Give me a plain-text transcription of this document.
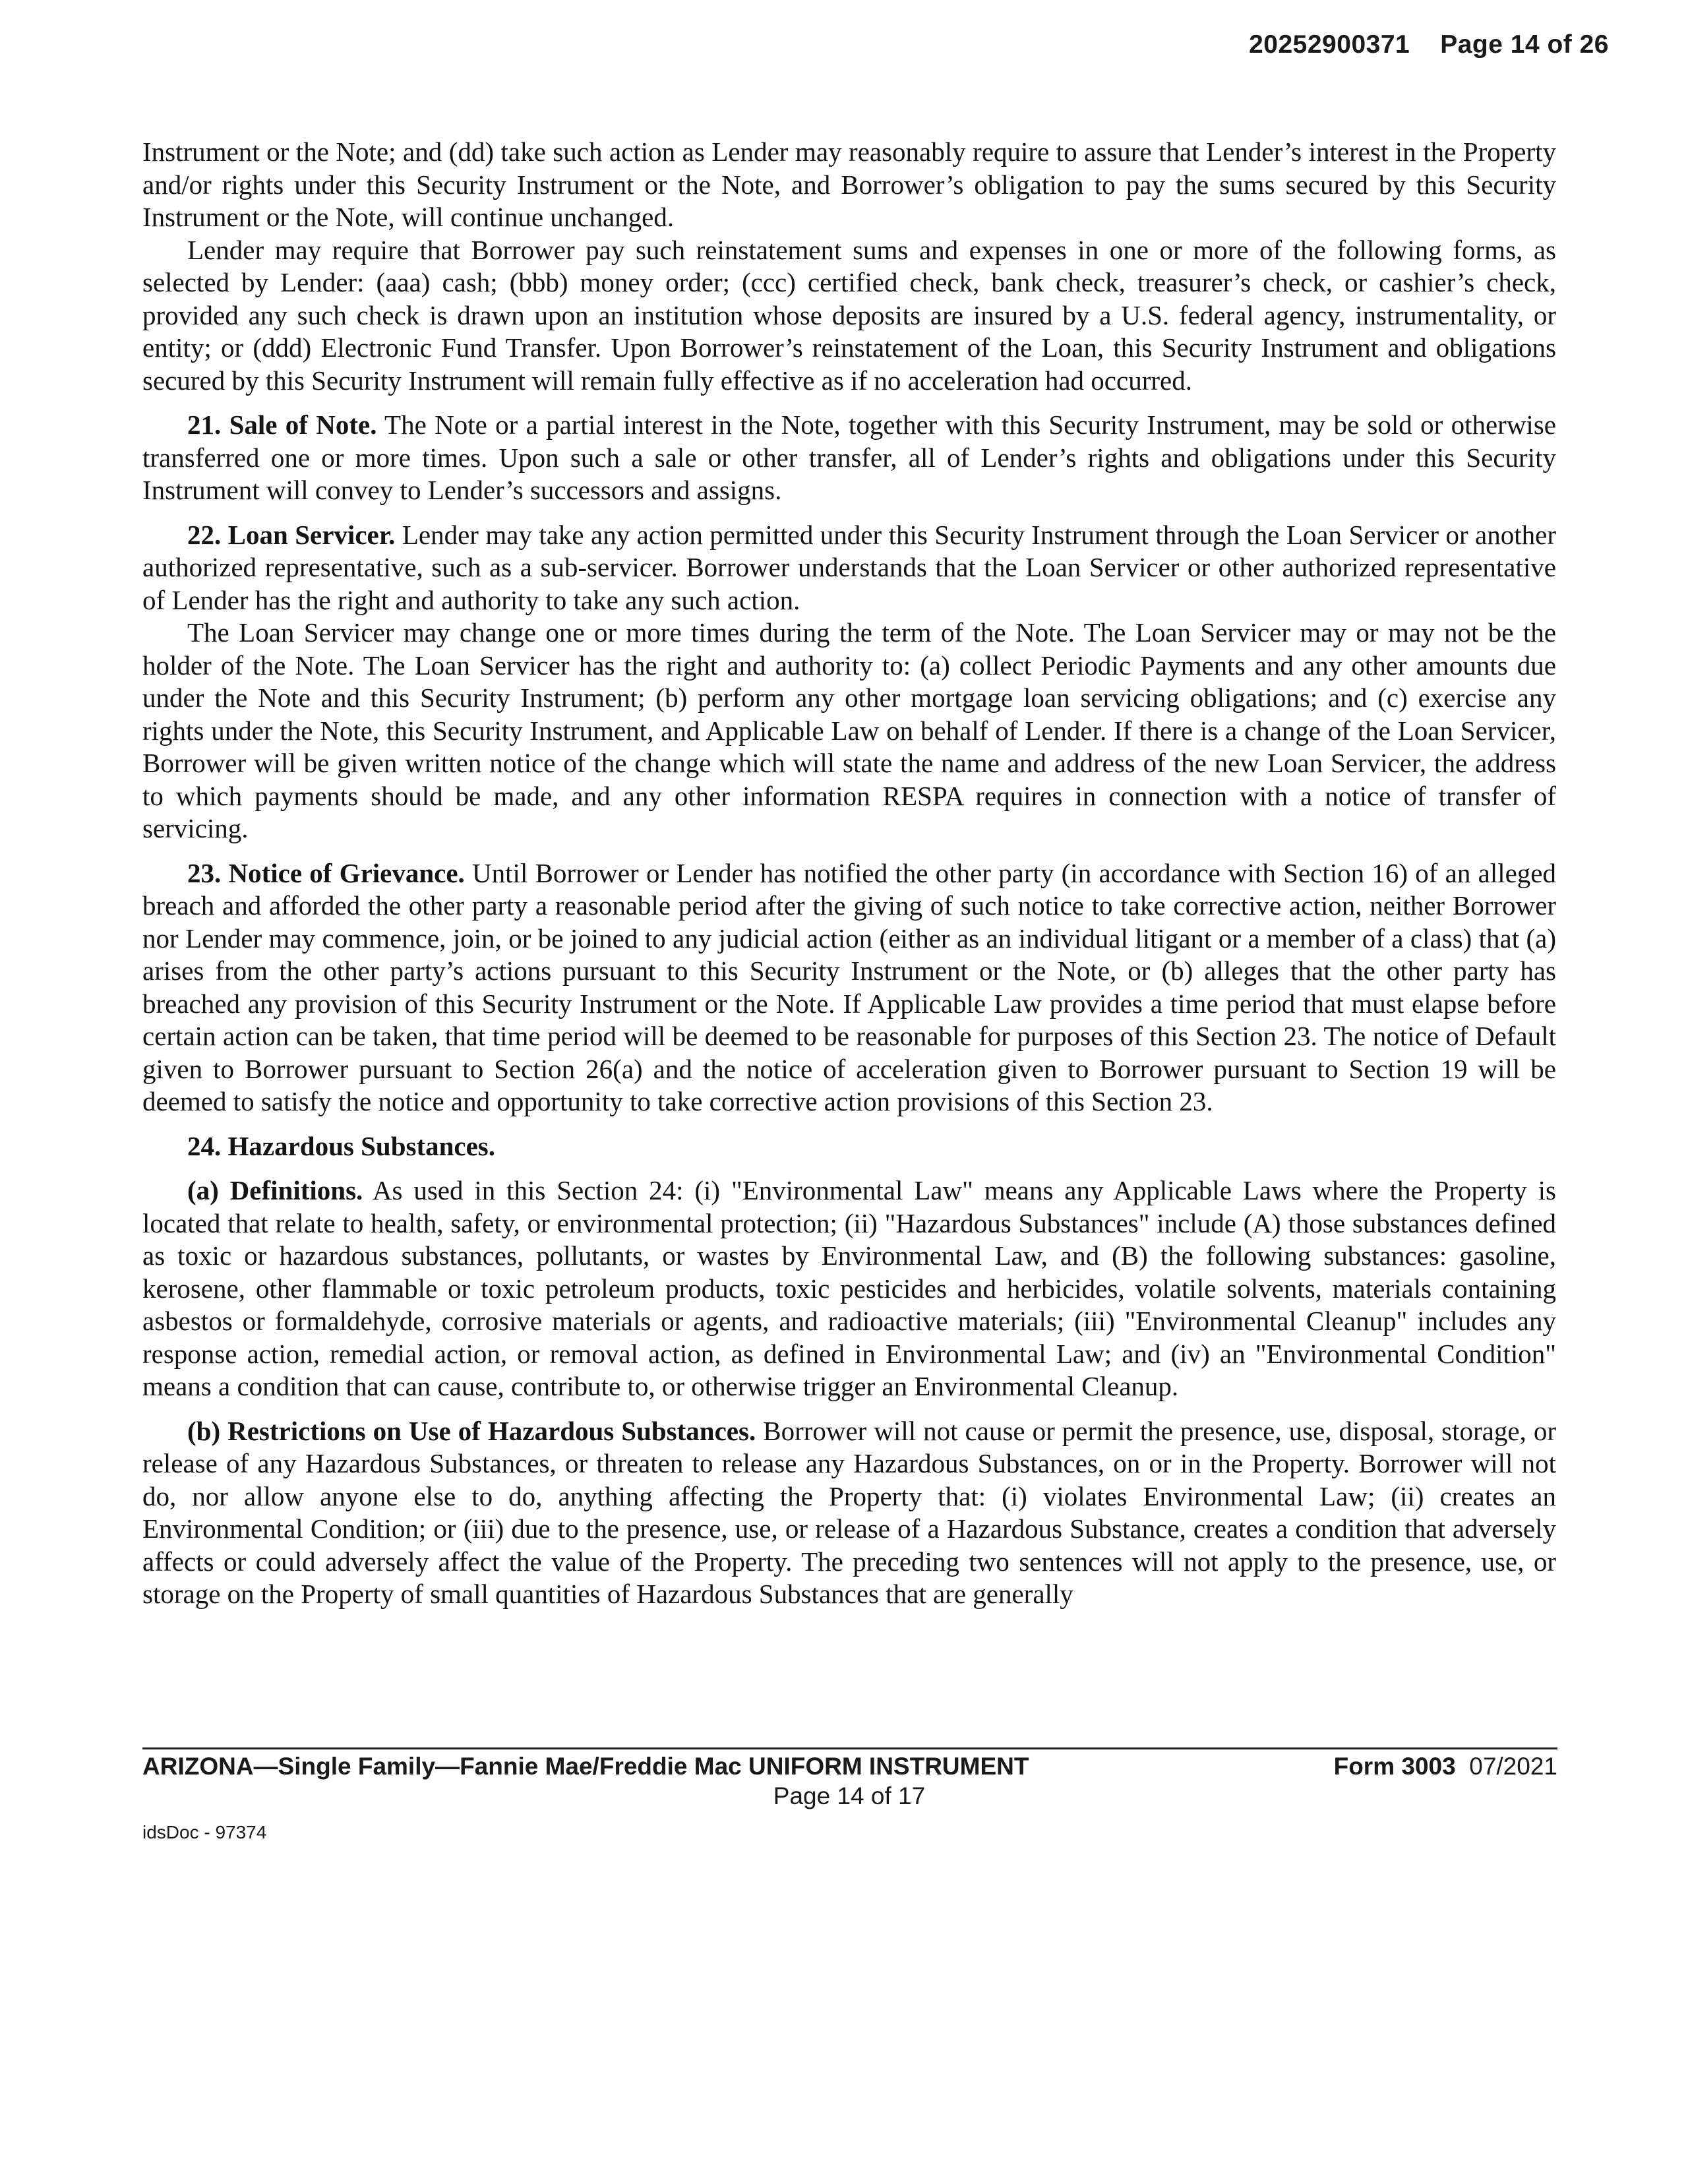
20252900371 Page 14 of 26

Instrument or the Note; and (dd) take such action as Lender may reasonably require to assure that Lender’s interest in the Property and/or rights under this Security Instrument or the Note, and Borrower’s obligation to pay the sums secured by this Security Instrument or the Note, will continue unchanged.

Lender may require that Borrower pay such reinstatement sums and expenses in one or more of the following forms, as selected by Lender: (aaa) cash; (bbb) money order; (ccc) certified check, bank check, treasurer’s check, or cashier’s check, provided any such check is drawn upon an institution whose deposits are insured by a U.S. federal agency, instrumentality, or entity; or (ddd) Electronic Fund Transfer. Upon Borrower’s reinstatement of the Loan, this Security Instrument and obligations secured by this Security Instrument will remain fully effective as if no acceleration had occurred.

21. Sale of Note. The Note or a partial interest in the Note, together with this Security Instrument, may be sold or otherwise transferred one or more times. Upon such a sale or other transfer, all of Lender’s rights and obligations under this Security Instrument will convey to Lender’s successors and assigns.

22. Loan Servicer. Lender may take any action permitted under this Security Instrument through the Loan Servicer or another authorized representative, such as a sub-servicer. Borrower understands that the Loan Servicer or other authorized representative of Lender has the right and authority to take any such action.

The Loan Servicer may change one or more times during the term of the Note. The Loan Servicer may or may not be the holder of the Note. The Loan Servicer has the right and authority to: (a) collect Periodic Payments and any other amounts due under the Note and this Security Instrument; (b) perform any other mortgage loan servicing obligations; and (c) exercise any rights under the Note, this Security Instrument, and Applicable Law on behalf of Lender. If there is a change of the Loan Servicer, Borrower will be given written notice of the change which will state the name and address of the new Loan Servicer, the address to which payments should be made, and any other information RESPA requires in connection with a notice of transfer of servicing.

23. Notice of Grievance. Until Borrower or Lender has notified the other party (in accordance with Section 16) of an alleged breach and afforded the other party a reasonable period after the giving of such notice to take corrective action, neither Borrower nor Lender may commence, join, or be joined to any judicial action (either as an individual litigant or a member of a class) that (a) arises from the other party’s actions pursuant to this Security Instrument or the Note, or (b) alleges that the other party has breached any provision of this Security Instrument or the Note. If Applicable Law provides a time period that must elapse before certain action can be taken, that time period will be deemed to be reasonable for purposes of this Section 23. The notice of Default given to Borrower pursuant to Section 26(a) and the notice of acceleration given to Borrower pursuant to Section 19 will be deemed to satisfy the notice and opportunity to take corrective action provisions of this Section 23.

24. Hazardous Substances.

(a) Definitions. As used in this Section 24: (i) "Environmental Law" means any Applicable Laws where the Property is located that relate to health, safety, or environmental protection; (ii) "Hazardous Substances" include (A) those substances defined as toxic or hazardous substances, pollutants, or wastes by Environmental Law, and (B) the following substances: gasoline, kerosene, other flammable or toxic petroleum products, toxic pesticides and herbicides, volatile solvents, materials containing asbestos or formaldehyde, corrosive materials or agents, and radioactive materials; (iii) "Environmental Cleanup" includes any response action, remedial action, or removal action, as defined in Environmental Law; and (iv) an "Environmental Condition" means a condition that can cause, contribute to, or otherwise trigger an Environmental Cleanup.

(b) Restrictions on Use of Hazardous Substances. Borrower will not cause or permit the presence, use, disposal, storage, or release of any Hazardous Substances, or threaten to release any Hazardous Substances, on or in the Property. Borrower will not do, nor allow anyone else to do, anything affecting the Property that: (i) violates Environmental Law; (ii) creates an Environmental Condition; or (iii) due to the presence, use, or release of a Hazardous Substance, creates a condition that adversely affects or could adversely affect the value of the Property. The preceding two sentences will not apply to the presence, use, or storage on the Property of small quantities of Hazardous Substances that are generally

ARIZONA—Single Family—Fannie Mae/Freddie Mac UNIFORM INSTRUMENT	Form 3003 07/2021
Page 14 of 17
idsDoc - 97374
